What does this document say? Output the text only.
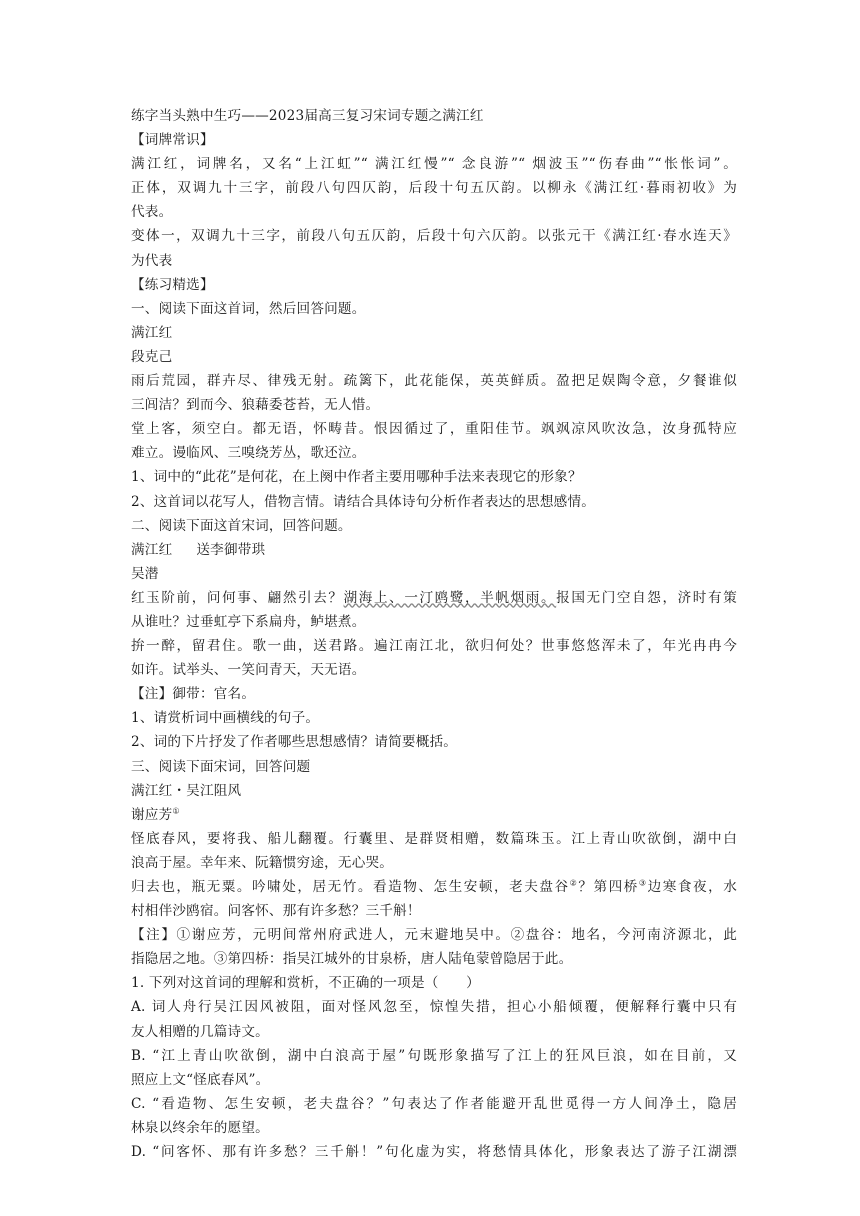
练字当头熟中生巧——2023届高三复习宋词专题之满江红
【词牌常识】
满江红，词牌名，又名“上江虹”“ 满江红慢”“ 念良游”“ 烟波玉”“伤春曲”“怅怅词”。
正体，双调九十三字，前段八句四仄韵，后段十句五仄韵。以柳永《满江红·暮雨初收》为
代表。
变体一，双调九十三字，前段八句五仄韵，后段十句六仄韵。以张元干《满江红·春水连天》
为代表
【练习精选】
一、阅读下面这首词，然后回答问题。
满江红
段克己
雨后荒园，群卉尽、律残无射。疏篱下，此花能保，英英鲜质。盈把足娱陶令意，夕餐谁似
三闾洁？到而今、狼藉委苍苔，无人惜。
堂上客，须空白。都无语，怀畴昔。恨因循过了，重阳佳节。飒飒凉风吹汝急，汝身孤特应
难立。谩临风、三嗅绕芳丛，歌还泣。
1、词中的“此花”是何花，在上阕中作者主要用哪种手法来表现它的形象？
2、这首词以花写人，借物言情。请结合具体诗句分析作者表达的思想感情。
二、阅读下面这首宋词，回答问题。
满江红 送李御带珙
吴潜
红玉阶前，问何事、翩然引去？湖海上、一汀鸥鹭，半帆烟雨。报国无门空自怨，济时有策
从谁吐？过垂虹亭下系扁舟，鲈堪煮。
拚一醉，留君住。歌一曲，送君路。遍江南江北，欲归何处？世事悠悠浑未了，年光冉冉今
如许。试举头、一笑问青天，天无语。
【注】御带：官名。
1、请赏析词中画横线的句子。
2、词的下片抒发了作者哪些思想感情？请简要概括。
三、阅读下面宋词，回答问题
满江红・吴江阻风
谢应芳①
怪底春风，要将我、船儿翻覆。行囊里、是群贤相赠，数篇珠玉。江上青山吹欲倒，湖中白
浪高于屋。幸年来、阮籍惯穷途，无心哭。
归去也，瓶无粟。吟啸处，居无竹。看造物、怎生安顿，老夫盘谷②？第四桥③边寒食夜，水
村相伴沙鸥宿。问客怀、那有许多愁？三千斛！
【注】①谢应芳，元明间常州府武进人，元末避地吴中。②盘谷：地名，今河南济源北，此
指隐居之地。③第四桥：指吴江城外的甘泉桥，唐人陆龟蒙曾隐居于此。
1. 下列对这首词的理解和赏析，不正确的一项是（　　）
A. 词人舟行吴江因风被阻，面对怪风忽至，惊惶失措，担心小船倾覆，便解释行囊中只有
友人相赠的几篇诗文。
B. “江上青山吹欲倒，湖中白浪高于屋”句既形象描写了江上的狂风巨浪，如在目前，又
照应上文“怪底春风”。
C. “看造物、怎生安顿，老夫盘谷？”句表达了作者能避开乱世觅得一方人间净土，隐居
林泉以终余年的愿望。
D. “问客怀、那有许多愁？三千斛！”句化虚为实，将愁情具体化，形象表达了游子江湖漂
